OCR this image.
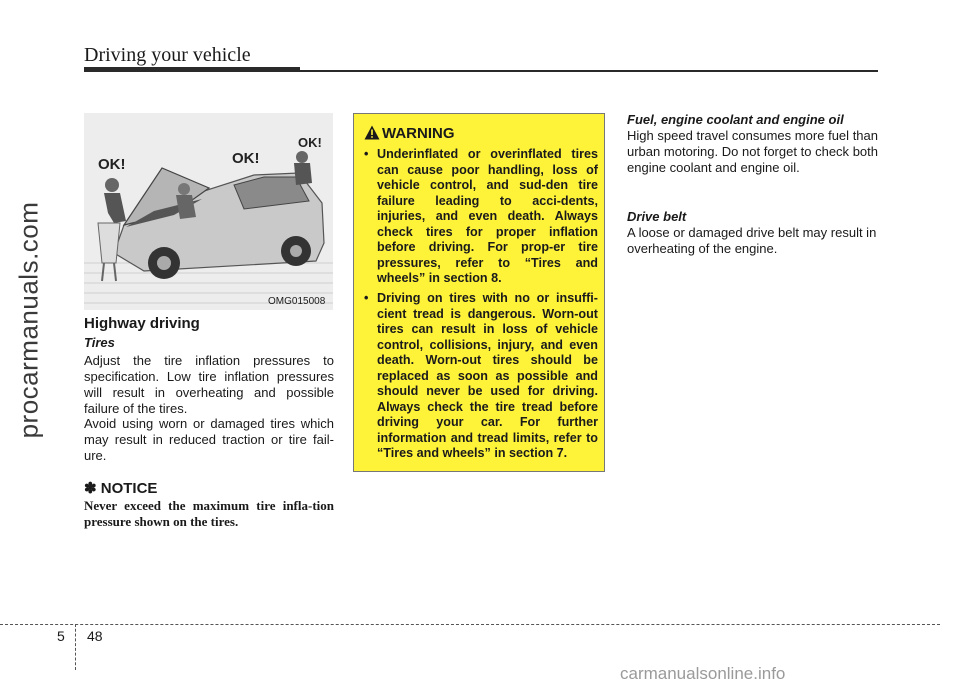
Driving your vehicle
procarmanuals.com
OK!	OK!
OK!
OMG015008
Highway driving
Tires
Adjust the tire inflation pressures to specification. Low tire inflation pressures will result in overheating and possible failure of the tires.
Avoid using worn or damaged tires which may result in reduced traction or tire fail-ure.
✽ NOTICE
Never exceed the maximum tire infla-tion pressure shown on the tires.
WARNING
• Underinflated or overinflated tires can cause poor handling, loss of vehicle control, and sud-den tire failure leading to acci-dents, injuries, and even death. Always check tires for proper inflation before driving. For prop-er tire pressures, refer to “Tires and wheels” in section 8.
• Driving on tires with no or insuffi-cient tread is dangerous. Worn-out tires can result in loss of vehicle control, collisions, injury, and even death. Worn-out tires should be replaced as soon as possible and should never be used for driving. Always check the tire tread before driving your car. For further information and tread limits, refer to “Tires and wheels” in section 7.
Fuel, engine coolant and engine oil
High speed travel consumes more fuel than urban motoring. Do not forget to check both engine coolant and engine oil.
Drive belt
A loose or damaged drive belt may result in overheating of the engine.
5 48
carmanualsonline.info
